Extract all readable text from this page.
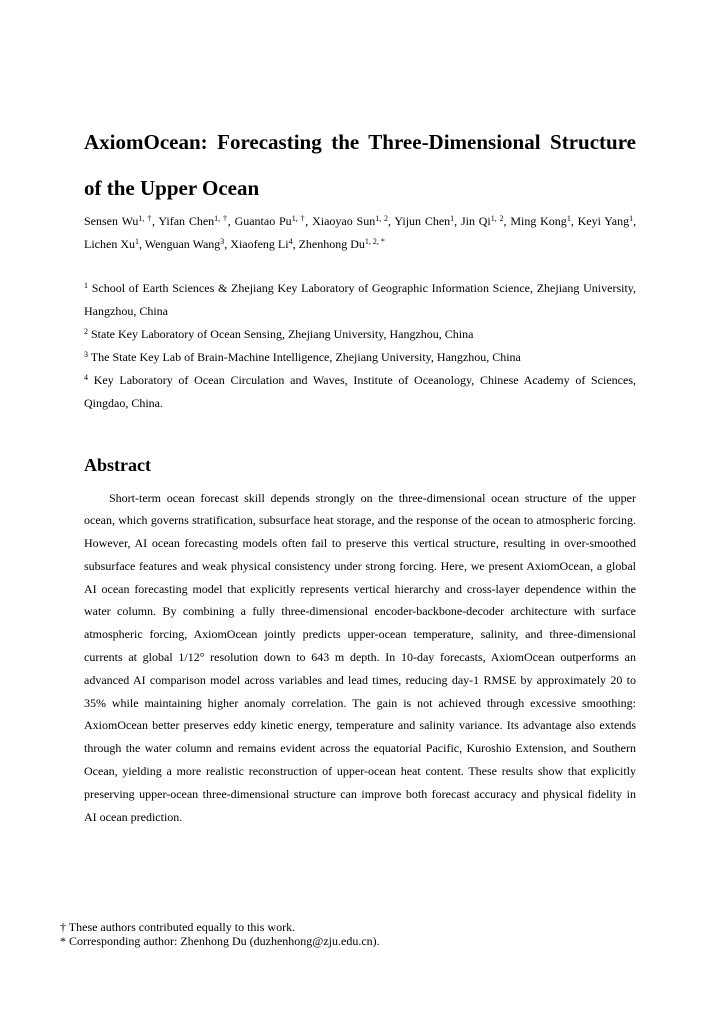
AxiomOcean: Forecasting the Three-Dimensional Structure of the Upper Ocean
Sensen $Wu^{1, \dagger}$, Yifan Chen$^{1, \dagger}$, Guantao $Pu^{1, \dagger}$, Xiaoyao Sun$^{1, 2}$, Yijun Chen$^1$, Jin Qi$^{1, 2}$, Ming Kong$^1$, Keyi Yang$^1$,
Lichen Xu$^1$, Wenguan Wang$^3$, Xiaofeng Li$^4$, Zhenhong $Du^{1, 2, *}$
$^1$ School of Earth Sciences & Zhejiang Key Laboratory of Geographic Information Science, Zhejiang University, Hangzhou, China
$^2$ State Key Laboratory of Ocean Sensing, Zhejiang University, Hangzhou, China
$^3$ The State Key Lab of Brain-Machine Intelligence, Zhejiang University, Hangzhou, China
$^4$ Key Laboratory of Ocean Circulation and Waves, Institute of Oceanology, Chinese Academy of Sciences, Qingdao, China.
Abstract
Short-term ocean forecast skill depends strongly on the three-dimensional ocean structure of the upper
ocean, which governs stratification, subsurface heat storage, and the response of the ocean to atmospheric forcing.
However, AI ocean forecasting models often fail to preserve this vertical structure, resulting in over-smoothed
subsurface features and weak physical consistency under strong forcing. Here, we present AxiomOcean, a global
AI ocean forecasting model that explicitly represents vertical hierarchy and cross-layer dependence within the
water column. By combining a fully three-dimensional encoder-backbone-decoder architecture with surface
atmospheric forcing, AxiomOcean jointly predicts upper-ocean temperature, salinity, and three-dimensional
currents at global 1/12° resolution down to 643 m depth. In 10-day forecasts, AxiomOcean outperforms an
advanced AI comparison model across variables and lead times, reducing day-1 RMSE by approximately 20 to
35% while maintaining higher anomaly correlation. The gain is not achieved through excessive smoothing:
AxiomOcean better preserves eddy kinetic energy, temperature and salinity variance. Its advantage also extends
through the water column and remains evident across the equatorial Pacific, Kuroshio Extension, and Southern
Ocean, yielding a more realistic reconstruction of upper-ocean heat content. These results show that explicitly
preserving upper-ocean three-dimensional structure can improve both forecast accuracy and physical fidelity in
AI ocean prediction.
† These authors contributed equally to this work.
* Corresponding author: Zhenhong Du (duzhenhong@zju.edu.cn).
